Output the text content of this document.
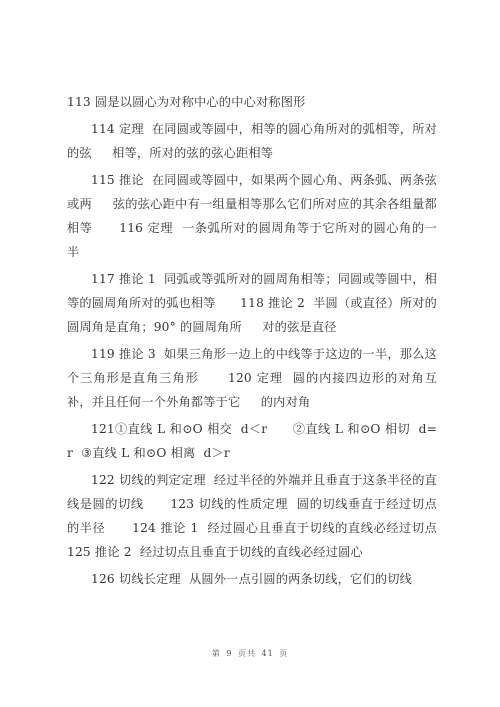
113 圆是以圆心为对称中心的中心对称图形

114 定理  在同圆或等圆中，相等的圆心角所对的弧相等，所对的弦     相等，所对的弦的弦心距相等

115 推论  在同圆或等圆中，如果两个圆心角、两条弧、两条弦或两     弦的弦心距中有一组量相等那么它们所对应的其余各组量都相等      116 定理  一条弧所对的圆周角等于它所对的圆心角的一半

117 推论 1  同弧或等弧所对的圆周角相等；同圆或等圆中，相等的圆周角所对的弧也相等      118 推论 2  半圆（或直径）所对的圆周角是直角；90° 的圆周角所     对的弦是直径

119 推论 3  如果三角形一边上的中线等于这边的一半，那么这个三角形是直角三角形      120 定理  圆的内接四边形的对角互补，并且任何一个外角都等于它     的内对角

121①直线 L 和⊙O 相交  d＜r      ②直线 L 和⊙O 相切  d=r  ③直线 L 和⊙O 相离  d＞r

122 切线的判定定理  经过半径的外端并且垂直于这条半径的直线是圆的切线      123 切线的性质定理  圆的切线垂直于经过切点的半径      124 推论 1  经过圆心且垂直于切线的直线必经过切点      125 推论 2  经过切点且垂直于切线的直线必经过圆心

126 切线长定理  从圆外一点引圆的两条切线，它们的切线

第 9 页共 41 页
